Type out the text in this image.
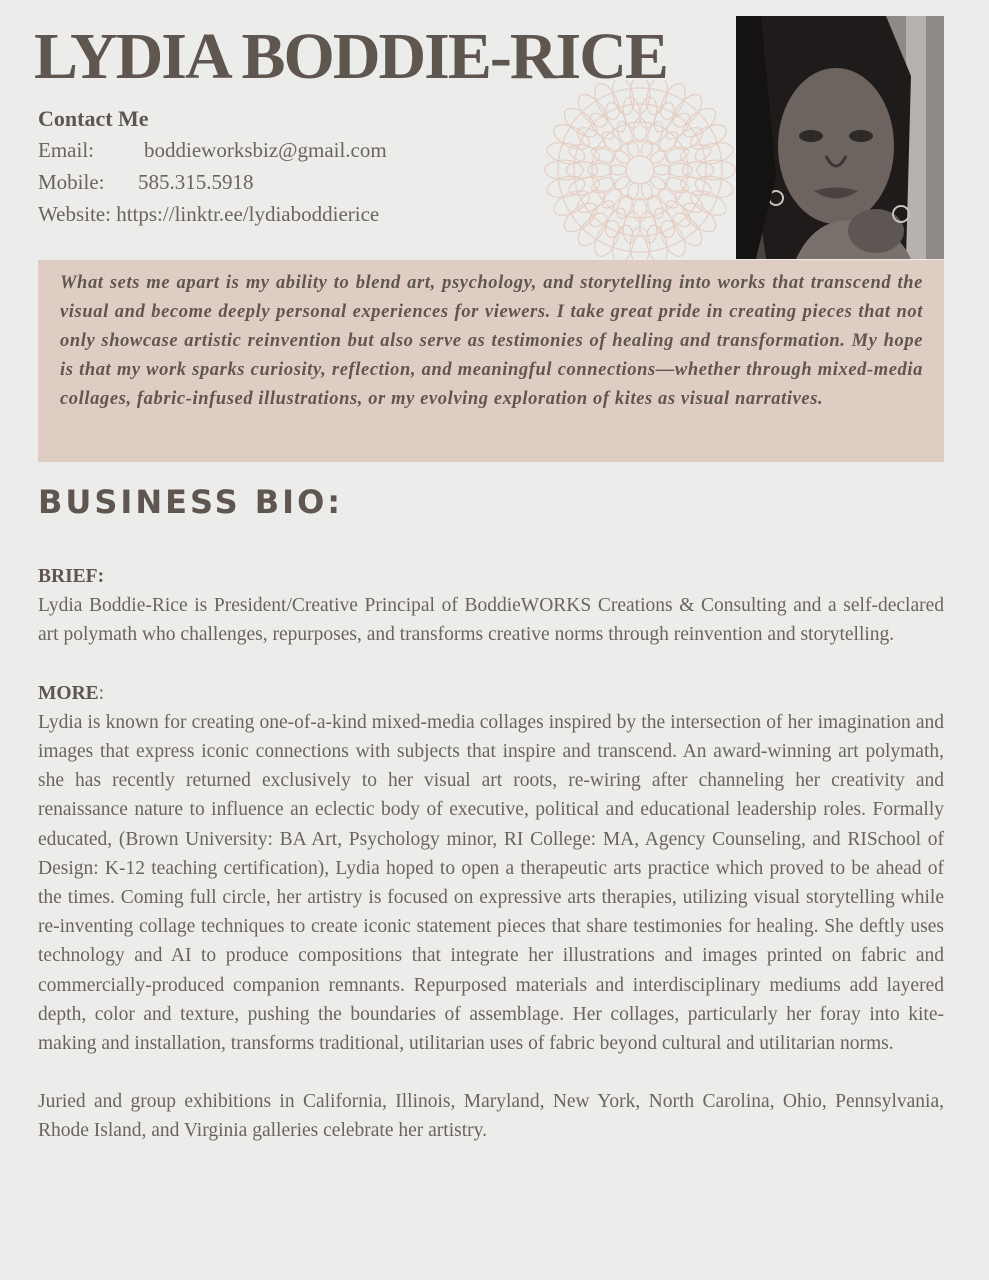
LYDIA BODDIE-RICE
Contact Me
Email: boddieworksbiz@gmail.com
Mobile: 585.315.5918
Website: https://linktr.ee/lydiaboddierice

What sets me apart is my ability to blend art, psychology, and storytelling into works that transcend the visual and become deeply personal experiences for viewers. I take great pride in creating pieces that not only showcase artistic reinvention but also serve as testimonies of healing and transformation. My hope is that my work sparks curiosity, reflection, and meaningful connections—whether through mixed-media collages, fabric-infused illustrations, or my evolving exploration of kites as visual narratives.

BUSINESS BIO:

BRIEF:

Lydia Boddie-Rice is President/Creative Principal of BoddieWORKS Creations & Consulting and a self-declared art polymath who challenges, repurposes, and transforms creative norms through reinvention and storytelling.

MORE:

Lydia is known for creating one-of-a-kind mixed-media collages inspired by the intersection of her imagination and images that express iconic connections with subjects that inspire and transcend. An award-winning art polymath, she has recently returned exclusively to her visual art roots, re-wiring after channeling her creativity and renaissance nature to influence an eclectic body of executive, political and educational leadership roles. Formally educated, (Brown University: BA Art, Psychology minor, RI College: MA, Agency Counseling, and RISchool of Design: K-12 teaching certification), Lydia hoped to open a therapeutic arts practice which proved to be ahead of the times. Coming full circle, her artistry is focused on expressive arts therapies, utilizing visual storytelling while re-inventing collage techniques to create iconic statement pieces that share testimonies for healing. She deftly uses technology and AI to produce compositions that integrate her illustrations and images printed on fabric and commercially-produced companion remnants. Repurposed materials and interdisciplinary mediums add layered depth, color and texture, pushing the boundaries of assemblage. Her collages, particularly her foray into kite-making and installation, transforms traditional, utilitarian uses of fabric beyond cultural and utilitarian norms.

Juried and group exhibitions in California, Illinois, Maryland, New York, North Carolina, Ohio, Pennsylvania, Rhode Island, and Virginia galleries celebrate her artistry.
